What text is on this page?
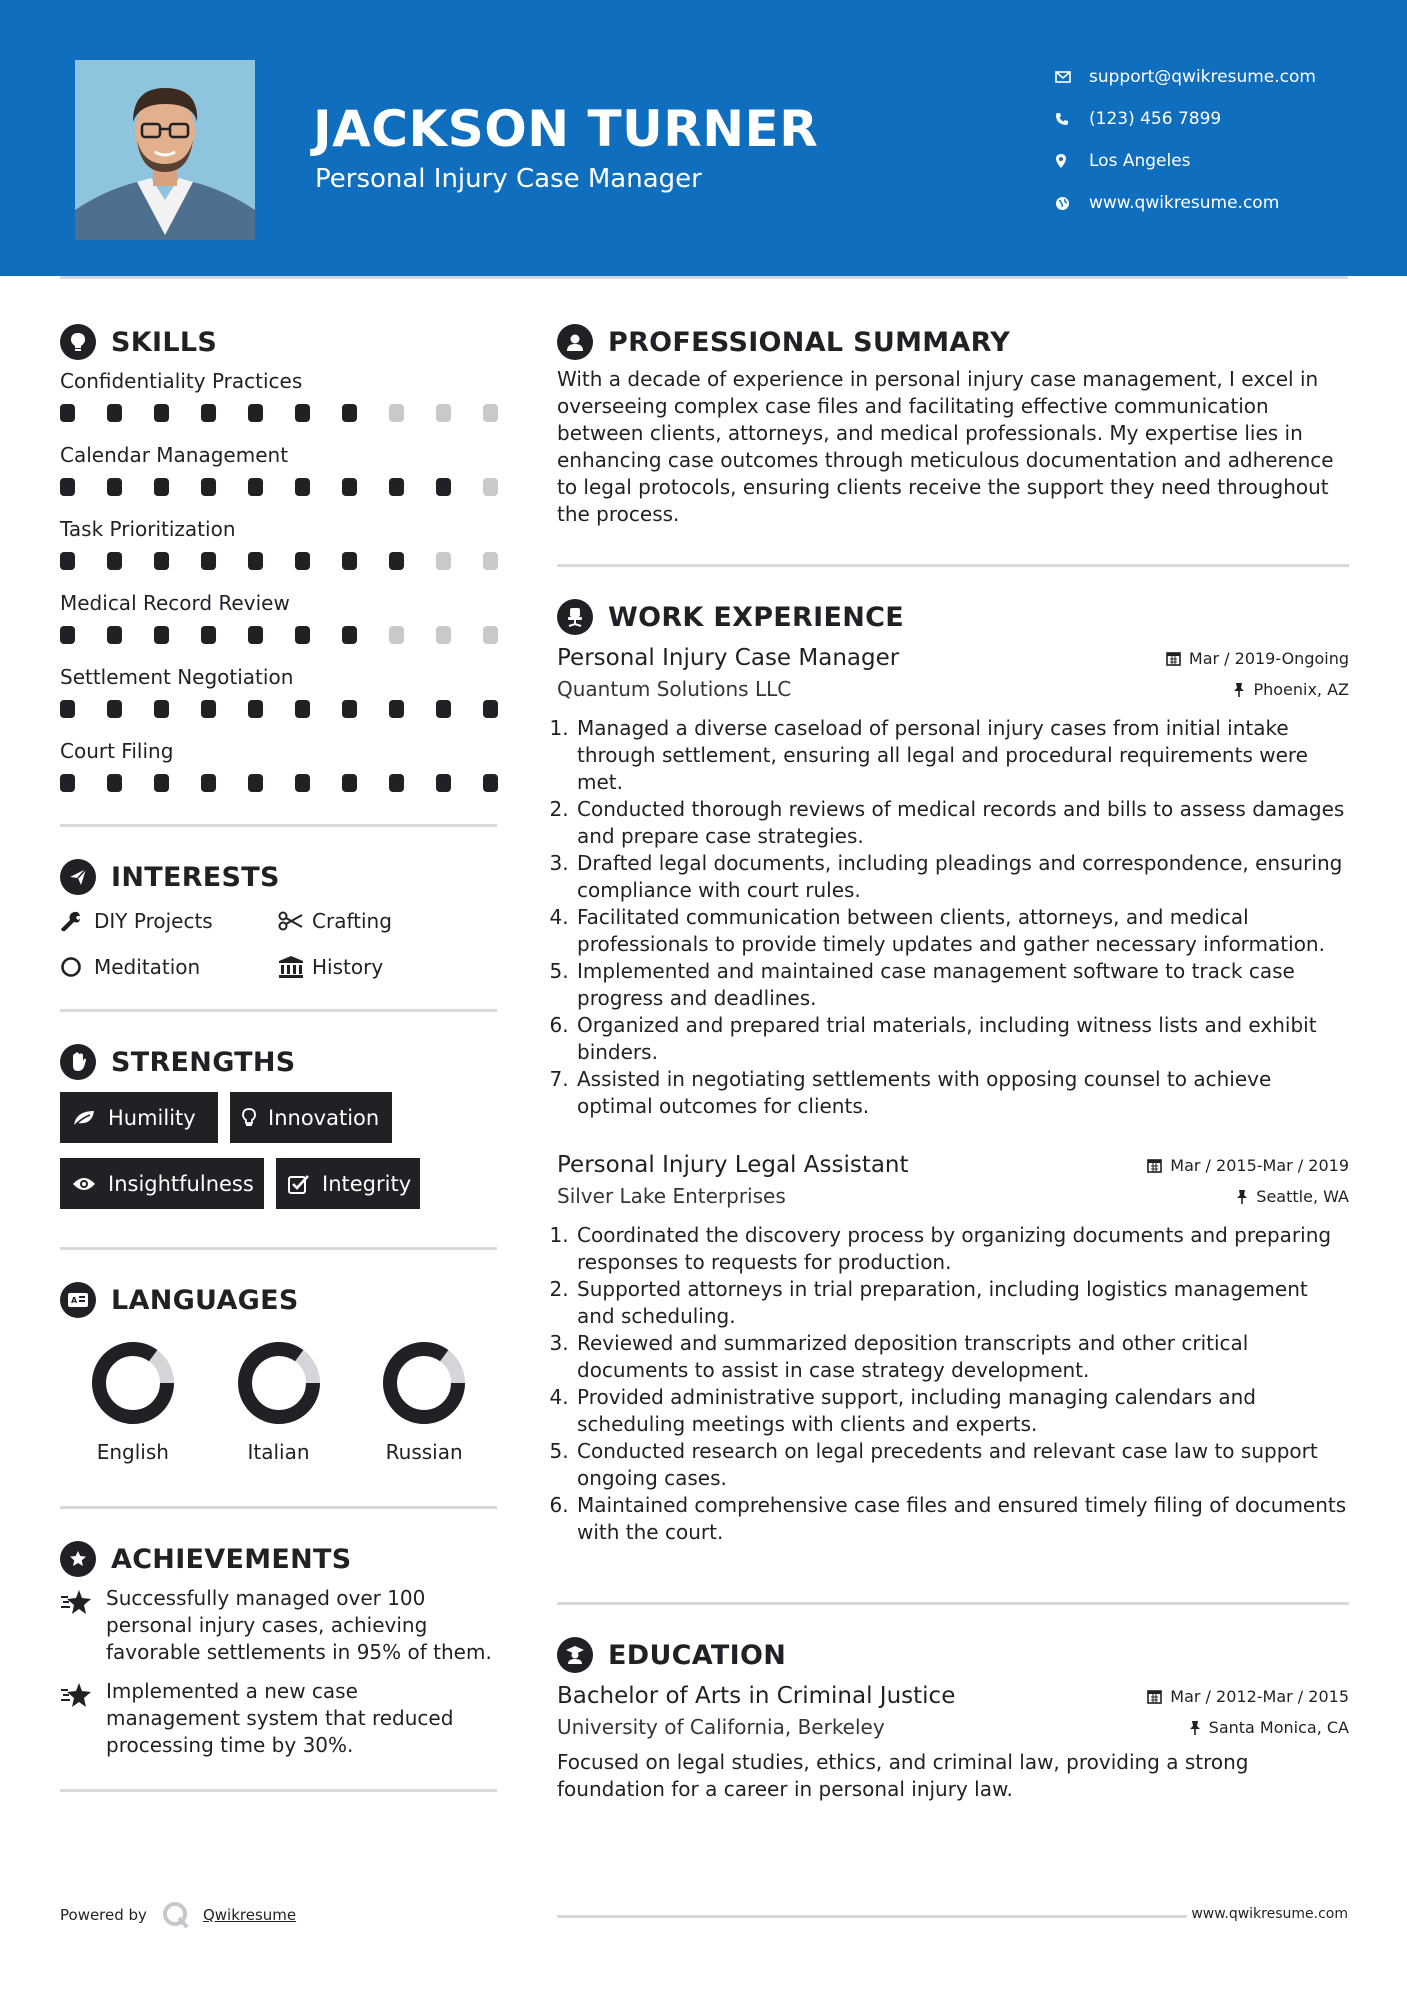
JACKSON TURNER
Personal Injury Case Manager
support@qwikresume.com
(123) 456 7899
Los Angeles
www.qwikresume.com
SKILLS
Confidentiality Practices
Calendar Management
Task Prioritization
Medical Record Review
Settlement Negotiation
Court Filing
INTERESTS
DIY Projects	Crafting
Meditation	History
STRENGTHS
Humility	Innovation
Insightfulness	Integrity
A LANGUAGES
English	Italian	Russian
ACHIEVEMENTS
Successfully managed over 100 personal injury cases, achieving favorable settlements in 95% of them.
Implemented a new case management system that reduced processing time by 30%.
PROFESSIONAL SUMMARY

With a decade of experience in personal injury case management, I excel in overseeing complex case files and facilitating effective communication between clients, attorneys, and medical professionals. My expertise lies in enhancing case outcomes through meticulous documentation and adherence to legal protocols, ensuring clients receive the support they need throughout the process.

WORK EXPERIENCE
Personal Injury Case Manager	Mar / 2019-Ongoing
Quantum Solutions LLC	Phoenix, AZ
1. Managed a diverse caseload of personal injury cases from initial intake through settlement, ensuring all legal and procedural requirements were met.
2. Conducted thorough reviews of medical records and bills to assess damages and prepare case strategies.
3. Drafted legal documents, including pleadings and correspondence, ensuring compliance with court rules.
4. Facilitated communication between clients, attorneys, and medical professionals to provide timely updates and gather necessary information.
5. Implemented and maintained case management software to track case progress and deadlines.
6. Organized and prepared trial materials, including witness lists and exhibit binders.
7. Assisted in negotiating settlements with opposing counsel to achieve optimal outcomes for clients.
Personal Injury Legal Assistant	Mar / 2015-Mar / 2019
Silver Lake Enterprises	Seattle, WA
1. Coordinated the discovery process by organizing documents and preparing responses to requests for production.
2. Supported attorneys in trial preparation, including logistics management and scheduling.
3. Reviewed and summarized deposition transcripts and other critical documents to assist in case strategy development.
4. Provided administrative support, including managing calendars and scheduling meetings with clients and experts.
5. Conducted research on legal precedents and relevant case law to support ongoing cases.
6. Maintained comprehensive case files and ensured timely filing of documents with the court.
EDUCATION
Bachelor of Arts in Criminal Justice	Mar / 2012-Mar / 2015
University of California, Berkeley	Santa Monica, CA

Focused on legal studies, ethics, and criminal law, providing a strong foundation for a career in personal injury law.

Powered by	Qwikresume	www.qwikresume.com
